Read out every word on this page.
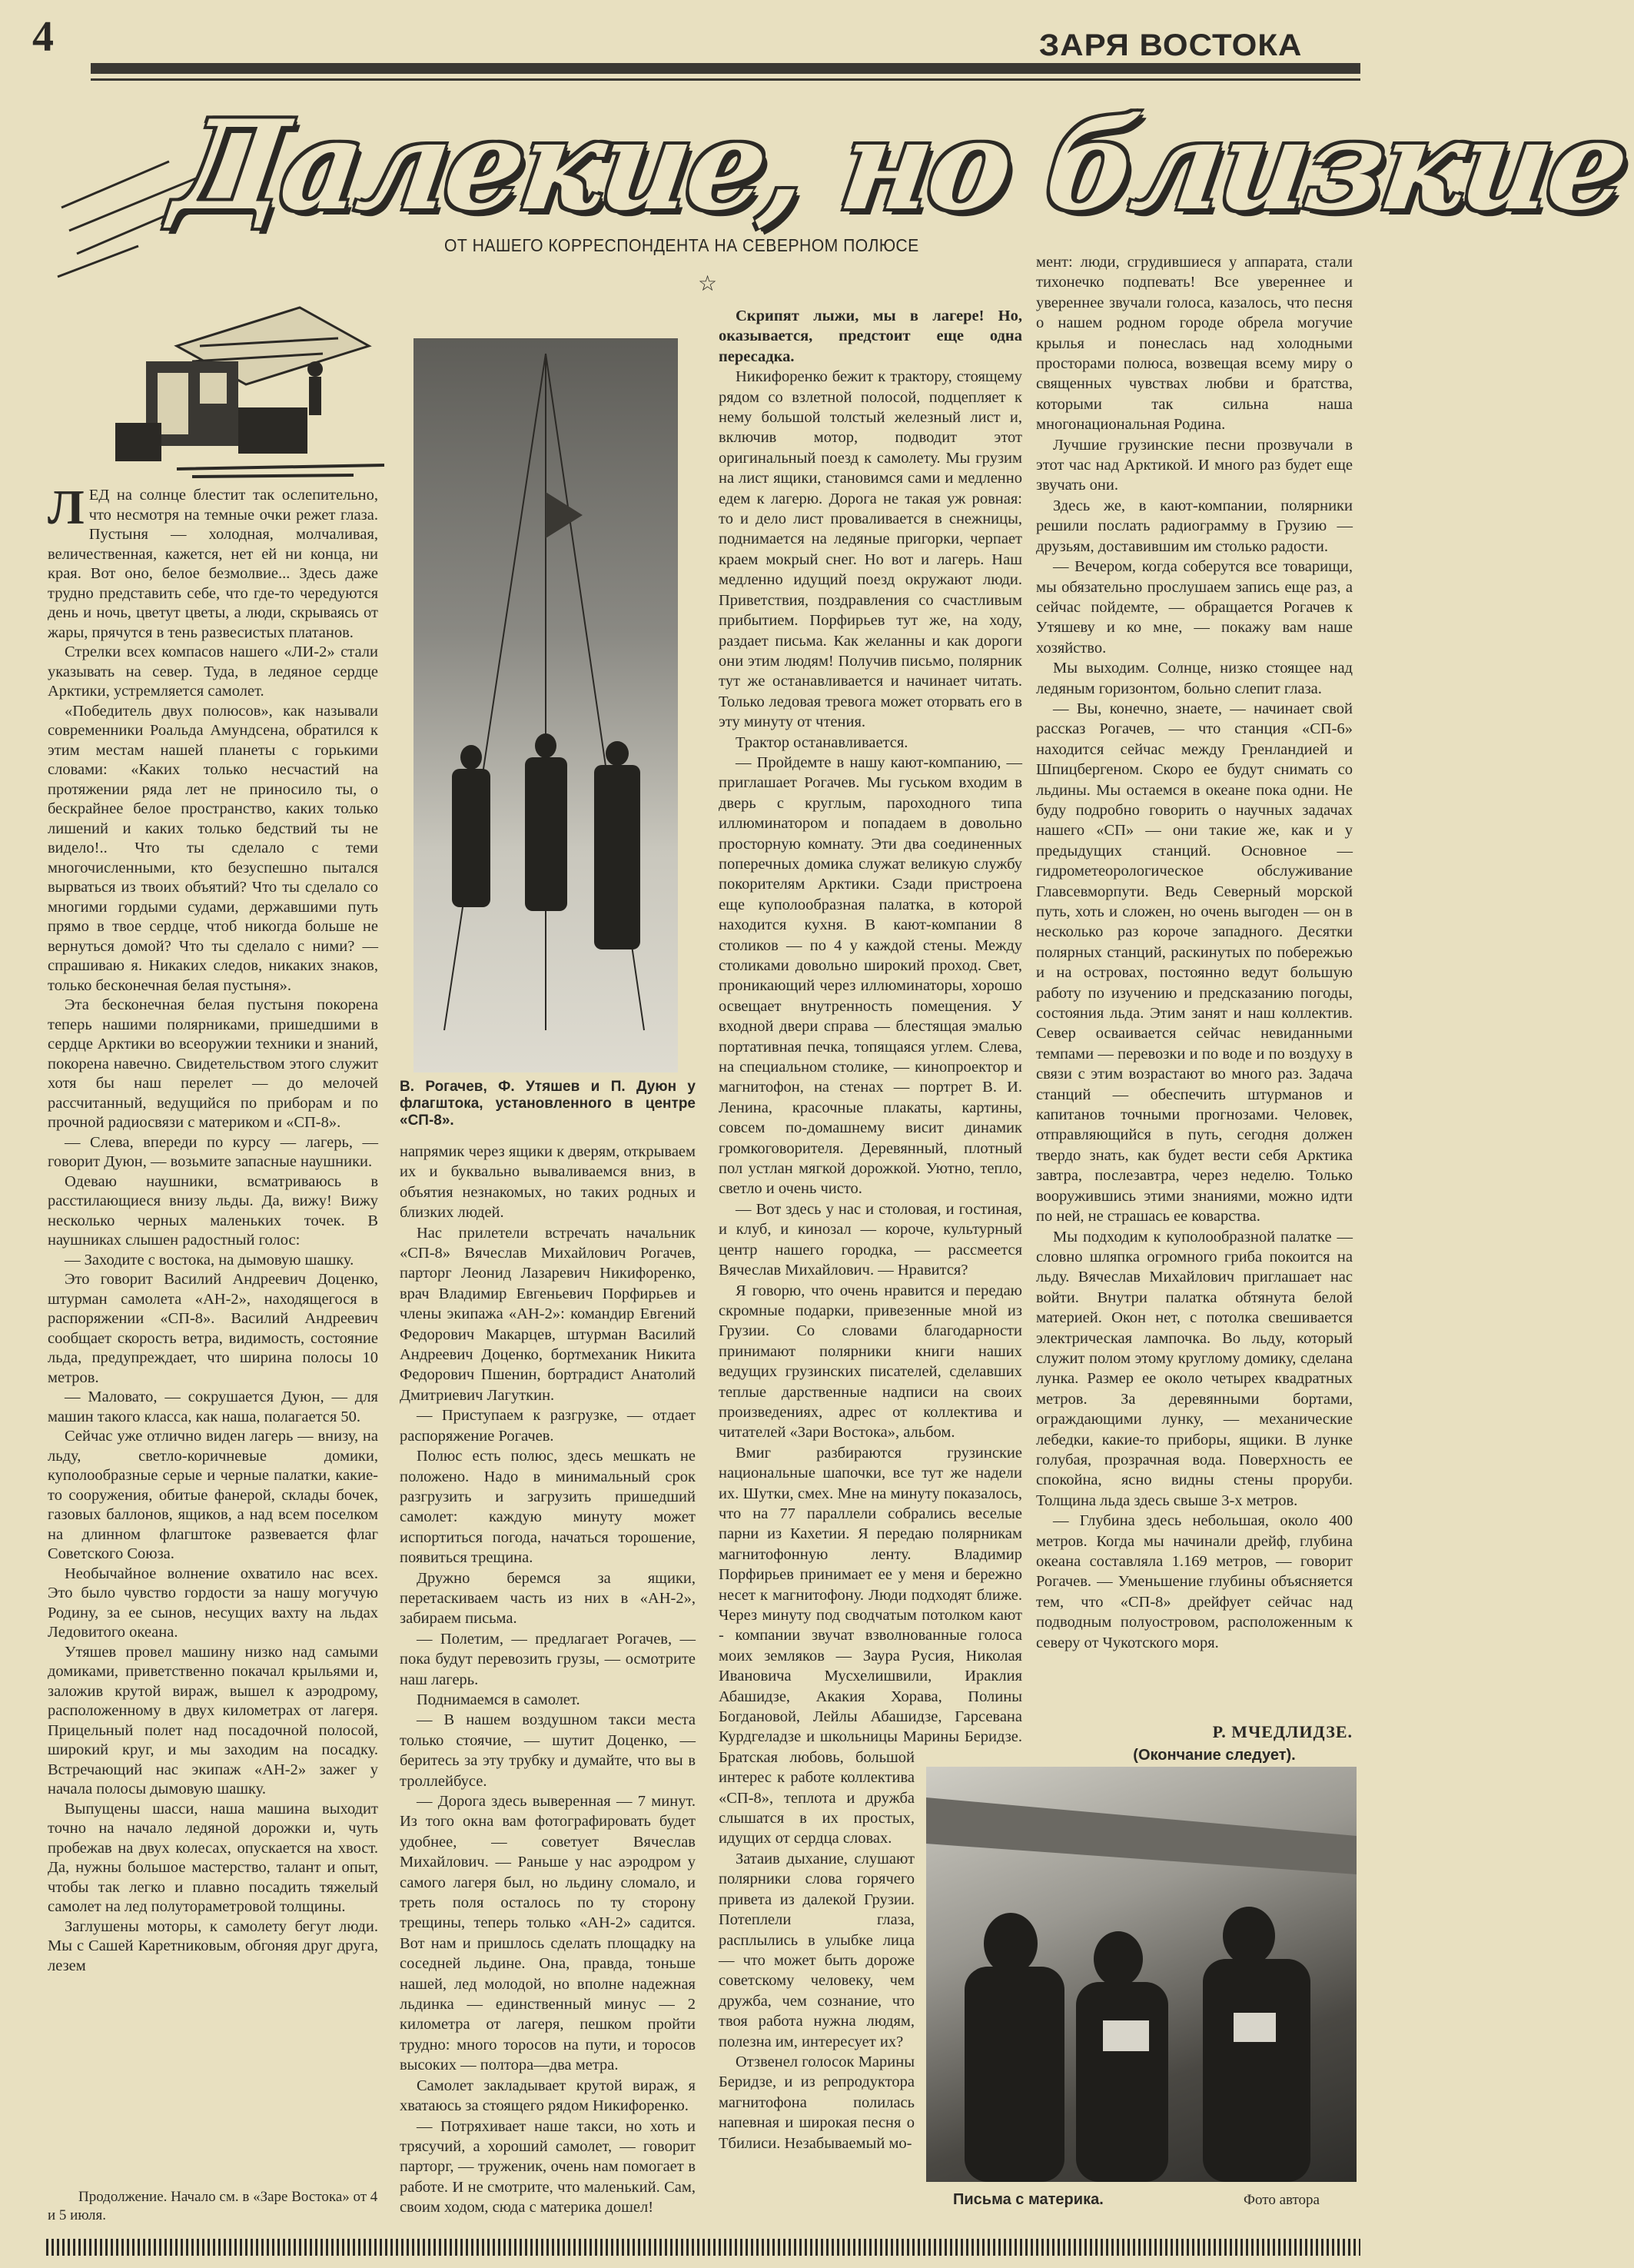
4	ЗАРЯ ВОСТОКА
Далекие, но близкие
ОТ НАШЕГО КОРРЕСПОНДЕНТА НА СЕВЕРНОМ ПОЛЮСЕ
☆

ЛЕД на солнце блестит так ослепительно, что несмотря на темные очки режет глаза. Пустыня — холодная, молчаливая, величественная, кажется, нет ей ни конца, ни края. Вот оно, белое безмолвие... Здесь даже трудно представить себе, что где-то чередуются день и ночь, цветут цветы, а люди, скрываясь от жары, прячутся в тень развесистых платанов.

Стрелки всех компасов нашего «ЛИ-2» стали указывать на север. Туда, в ледяное сердце Арктики, устремляется самолет.

«Победитель двух полюсов», как называли современники Роальда Амундсена, обратился к этим местам нашей планеты с горькими словами: «Каких только несчастий на протяжении ряда лет не приносило ты, о бескрайнее белое пространство, каких только лишений и каких только бедствий ты не видело!.. Что ты сделало с теми многочисленными, кто безуспешно пытался вырваться из твоих объятий? Что ты сделало со многими гордыми судами, державшими путь прямо в твое сердце, чтоб никогда больше не вернуться домой? Что ты сделало с ними? — спрашиваю я. Никаких следов, никаких знаков, только бесконечная белая пустыня».

Эта бесконечная белая пустыня покорена теперь нашими полярниками, пришедшими в сердце Арктики во всеоружии техники и знаний, покорена навечно. Свидетельством этого служит хотя бы наш перелет — до мелочей рассчитанный, ведущийся по приборам и по прочной радиосвязи с материком и «СП-8».

— Слева, впереди по курсу — лагерь, — говорит Дуюн, — возьмите запасные наушники.

Одеваю наушники, всматриваюсь в расстилающиеся внизу льды. Да, вижу! Вижу несколько черных маленьких точек. В наушниках слышен радостный голос:

— Заходите с востока, на дымовую шашку.

Это говорит Василий Андреевич Доценко, штурман самолета «АН-2», находящегося в распоряжении «СП-8». Василий Андреевич сообщает скорость ветра, видимость, состояние льда, предупреждает, что ширина полосы 10 метров.

— Маловато, — сокрушается Дуюн, — для машин такого класса, как наша, полагается 50.

Сейчас уже отлично виден лагерь — внизу, на льду, светло-коричневые домики, куполообразные серые и черные палатки, какие-то сооружения, обитые фанерой, склады бочек, газовых баллонов, ящиков, а над всем поселком на длинном флагштоке развевается флаг Советского Союза.

Необычайное волнение охватило нас всех. Это было чувство гордости за нашу могучую Родину, за ее сынов, несущих вахту на льдах Ледовитого океана.

Утяшев провел машину низко над самыми домиками, приветственно покачал крыльями и, заложив крутой вираж, вышел к аэродрому, расположенному в двух километрах от лагеря. Прицельный полет над посадочной полосой, широкий круг, и мы заходим на посадку. Встречающий нас экипаж «АН-2» зажег у начала полосы дымовую шашку.

Выпущены шасси, наша машина выходит точно на начало ледяной дорожки и, чуть пробежав на двух колесах, опускается на хвост. Да, нужны большое мастерство, талант и опыт, чтобы так легко и плавно посадить тяжелый самолет на лед полутораметровой толщины.

Заглушены моторы, к самолету бегут люди. Мы с Сашей Каретниковым, обгоняя друг друга, лезем

Продолжение. Начало см. в «Заре Востока» от 4 и 5 июля.
В. Рогачев, Ф. Утяшев и П. Дуюн у флагштока, установленного в центре «СП-8».

напрямик через ящики к дверям, открываем их и буквально вываливаемся вниз, в объятия незнакомых, но таких родных и близких людей.

Нас прилетели встречать начальник «СП-8» Вячеслав Михайлович Рогачев, парторг Леонид Лазаревич Никифоренко, врач Владимир Евгеньевич Порфирьев и члены экипажа «АН-2»: командир Евгений Федорович Макарцев, штурман Василий Андреевич Доценко, бортмеханик Никита Федорович Пшенин, бортрадист Анатолий Дмитриевич Лагуткин.

— Приступаем к разгрузке, — отдает распоряжение Рогачев.

Полюс есть полюс, здесь мешкать не положено. Надо в минимальный срок разгрузить и загрузить пришедший самолет: каждую минуту может испортиться погода, начаться торошение, появиться трещина.

Дружно беремся за ящики, перетаскиваем часть из них в «АН-2», забираем письма.

— Полетим, — предлагает Рогачев, — пока будут перевозить грузы, — осмотрите наш лагерь.

Поднимаемся в самолет.

— В нашем воздушном такси места только стоячие, — шутит Доценко, — беритесь за эту трубку и думайте, что вы в троллейбусе.

— Дорога здесь выверенная — 7 минут. Из того окна вам фотографировать будет удобнее, — советует Вячеслав Михайлович. — Раньше у нас аэродром у самого лагеря был, но льдину сломало, и треть поля осталось по ту сторону трещины, теперь только «АН-2» садится. Вот нам и пришлось сделать площадку на соседней льдине. Она, правда, тоньше нашей, лед молодой, но вполне надежная льдинка — единственный минус — 2 километра от лагеря, пешком пройти трудно: много торосов на пути, и торосов высоких — полтора—два метра.

Самолет закладывает крутой вираж, я хватаюсь за стоящего рядом Никифоренко.

— Потряхивает наше такси, но хоть и трясучий, а хороший самолет, — говорит парторг, — труженик, очень нам помогает в работе. И не смотрите, что маленький. Сам, своим ходом, сюда с материка дошел!

Скрипят лыжи, мы в лагере! Но, оказывается, предстоит еще одна пересадка.

Никифоренко бежит к трактору, стоящему рядом со взлетной полосой, подцепляет к нему большой толстый железный лист и, включив мотор, подводит этот оригинальный поезд к самолету. Мы грузим на лист ящики, становимся сами и медленно едем к лагерю. Дорога не такая уж ровная: то и дело лист проваливается в снежницы, поднимается на ледяные пригорки, черпает краем мокрый снег. Но вот и лагерь. Наш медленно идущий поезд окружают люди. Приветствия, поздравления со счастливым прибытием. Порфирьев тут же, на ходу, раздает письма. Как желанны и как дороги они этим людям! Получив письмо, полярник тут же останавливается и начинает читать. Только ледовая тревога может оторвать его в эту минуту от чтения.

Трактор останавливается.

— Пройдемте в нашу кают-компанию, — приглашает Рогачев. Мы гуськом входим в дверь с круглым, пароходного типа иллюминатором и попадаем в довольно просторную комнату. Эти два соединенных поперечных домика служат великую службу покорителям Арктики. Сзади пристроена еще куполообразная палатка, в которой находится кухня. В кают-компании 8 столиков — по 4 у каждой стены. Между столиками довольно широкий проход. Свет, проникающий через иллюминаторы, хорошо освещает внутренность помещения. У входной двери справа — блестящая эмалью портативная печка, топящаяся углем. Слева, на специальном столике, — кинопроектор и магнитофон, на стенах — портрет В. И. Ленина, красочные плакаты, картины, совсем по-домашнему висит динамик громкоговорителя. Деревянный, плотный пол устлан мягкой дорожкой. Уютно, тепло, светло и очень чисто.

— Вот здесь у нас и столовая, и гостиная, и клуб, и кинозал — короче, культурный центр нашего городка, — рассмеется Вячеслав Михайлович. — Нравится?

Я говорю, что очень нравится и передаю скромные подарки, привезенные мной из Грузии. Со словами благодарности принимают полярники книги наших ведущих грузинских писателей, сделавших теплые дарственные надписи на своих произведениях, адрес от коллектива и читателей «Зари Востока», альбом.

Вмиг разбираются грузинские национальные шапочки, все тут же надели их. Шутки, смех. Мне на минуту показалось, что на 77 параллели собрались веселые парни из Кахетии. Я передаю полярникам магнитофонную ленту. Владимир Порфирьев принимает ее у меня и бережно несет к магнитофону. Люди подходят ближе. Через минуту под сводчатым потолком кают - компании звучат взволнованные голоса моих земляков — Заура Русия, Николая Ивановича Мусхелишвили, Ираклия Абашидзе, Акакия Хорава, Полины Богдановой, Лейлы Абашидзе, Гарсевана Курдгеладзе и школьницы Марины Беридзе. Братская любовь, большой интерес к работе коллектива «СП-8», теплота и дружба слышатся в их простых, идущих от сердца словах.

Затаив дыхание, слушают полярники слова горячего привета из далекой Грузии. Потеплели глаза, расплылись в улыбке лица — что может быть дороже советскому человеку, чем дружба, чем сознание, что твоя работа нужна людям, полезна им, интересует их?

Отзвенел голосок Марины Беридзе, и из репродуктора магнитофона полилась напевная и широкая песня о Тбилиси. Незабываемый мо-

мент: люди, сгрудившиеся у аппарата, стали тихонечко подпевать! Все увереннее и увереннее звучали голоса, казалось, что песня о нашем родном городе обрела могучие крылья и понеслась над холодными просторами полюса, возвещая всему миру о священных чувствах любви и братства, которыми так сильна наша многонациональная Родина.

Лучшие грузинские песни прозвучали в этот час над Арктикой. И много раз будет еще звучать они.

Здесь же, в кают-компании, полярники решили послать радиограмму в Грузию — друзьям, доставившим им столько радости.

— Вечером, когда соберутся все товарищи, мы обязательно прослушаем запись еще раз, а сейчас пойдемте, — обращается Рогачев к Утяшеву и ко мне, — покажу вам наше хозяйство.

Мы выходим. Солнце, низко стоящее над ледяным горизонтом, больно слепит глаза.

— Вы, конечно, знаете, — начинает свой рассказ Рогачев, — что станция «СП-6» находится сейчас между Гренландией и Шпицбергеном. Скоро ее будут снимать со льдины. Мы остаемся в океане пока одни. Не буду подробно говорить о научных задачах нашего «СП» — они такие же, как и у предыдущих станций. Основное — гидрометеорологическое обслуживание Главсевморпути. Ведь Северный морской путь, хоть и сложен, но очень выгоден — он в несколько раз короче западного. Десятки полярных станций, раскинутых по побережью и на островах, постоянно ведут большую работу по изучению и предсказанию погоды, состояния льда. Этим занят и наш коллектив. Север осваивается сейчас невиданными темпами — перевозки и по воде и по воздуху в связи с этим возрастают во много раз. Задача станций — обеспечить штурманов и капитанов точными прогнозами. Человек, отправляющийся в путь, сегодня должен твердо знать, как будет вести себя Арктика завтра, послезавтра, через неделю. Только вооружившись этими знаниями, можно идти по ней, не страшась ее коварства.

Мы подходим к куполообразной палатке — словно шляпка огромного гриба покоится на льду. Вячеслав Михайлович приглашает нас войти. Внутри палатка обтянута белой материей. Окон нет, с потолка свешивается электрическая лампочка. Во льду, который служит полом этому круглому домику, сделана лунка. Размер ее около четырех квадратных метров. За деревянными бортами, ограждающими лунку, — механические лебедки, какие-то приборы, ящики. В лунке голубая, прозрачная вода. Поверхность ее спокойна, ясно видны стены проруби. Толщина льда здесь свыше 3-х метров.

— Глубина здесь небольшая, около 400 метров. Когда мы начинали дрейф, глубина океана составляла 1.169 метров, — говорит Рогачев. — Уменьшение глубины объясняется тем, что «СП-8» дрейфует сейчас над подводным полуостровом, расположенным к северу от Чукотского моря.

Р. МЧЕДЛИДЗЕ.
(Окончание следует).
Письма с материка.	Фото автора
